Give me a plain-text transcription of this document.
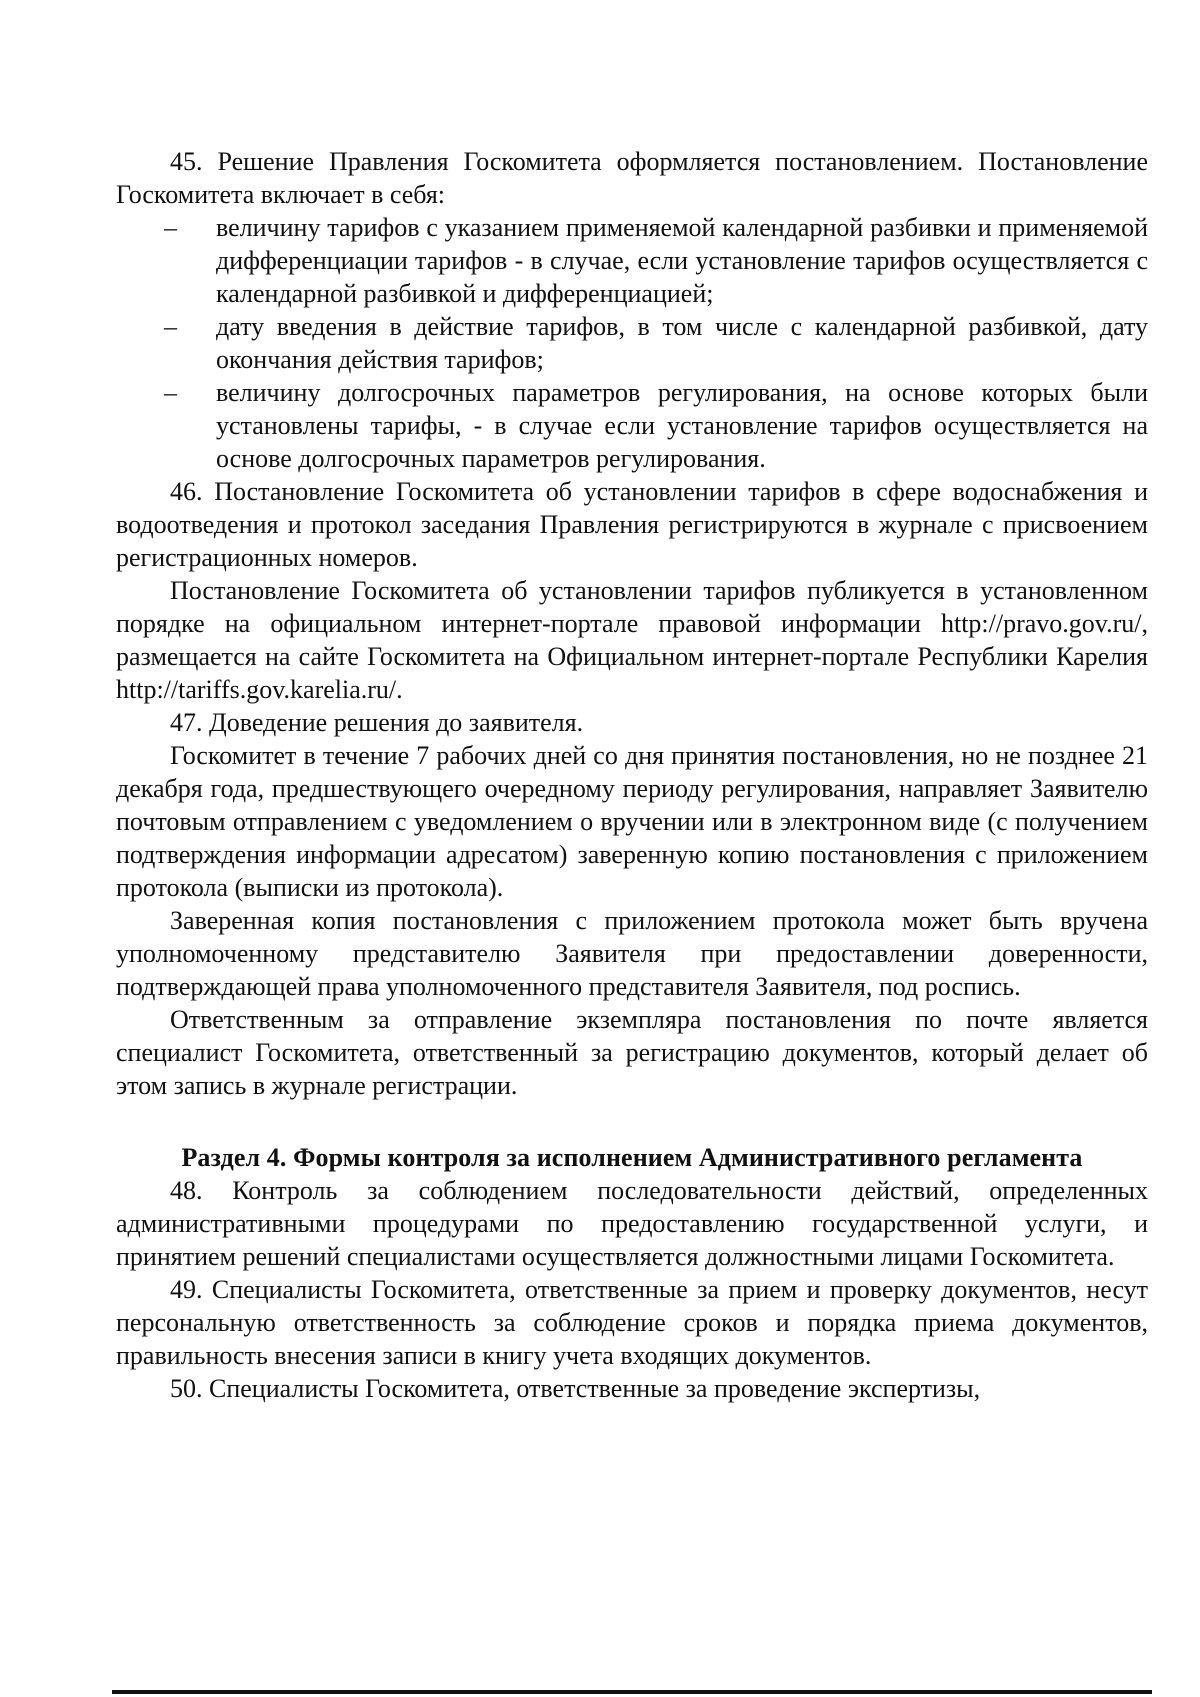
45. Решение Правления Госкомитета оформляется постановлением. Постановление Госкомитета включает в себя:

– величину тарифов с указанием применяемой календарной разбивки и применяемой дифференциации тарифов - в случае, если установление тарифов осуществляется с календарной разбивкой и дифференциацией;
– дату введения в действие тарифов, в том числе с календарной разбивкой, дату окончания действия тарифов;
– величину долгосрочных параметров регулирования, на основе которых были установлены тарифы, - в случае если установление тарифов осуществляется на основе долгосрочных параметров регулирования.

46. Постановление Госкомитета об установлении тарифов в сфере водоснабжения и водоотведения и протокол заседания Правления регистрируются в журнале с присвоением регистрационных номеров.

Постановление Госкомитета об установлении тарифов публикуется в установленном порядке на официальном интернет-портале правовой информации http://pravo.gov.ru/, размещается на сайте Госкомитета на Официальном интернет-портале Республики Карелия http://tariffs.gov.karelia.ru/.

47. Доведение решения до заявителя.

Госкомитет в течение 7 рабочих дней со дня принятия постановления, но не позднее 21 декабря года, предшествующего очередному периоду регулирования, направляет Заявителю почтовым отправлением с уведомлением о вручении или в электронном виде (с получением подтверждения информации адресатом) заверенную копию постановления с приложением протокола (выписки из протокола).

Заверенная копия постановления с приложением протокола может быть вручена уполномоченному представителю Заявителя при предоставлении доверенности, подтверждающей права уполномоченного представителя Заявителя, под роспись.

Ответственным за отправление экземпляра постановления по почте является специалист Госкомитета, ответственный за регистрацию документов, который делает об этом запись в журнале регистрации.

Раздел 4. Формы контроля за исполнением Административного регламента

48. Контроль за соблюдением последовательности действий, определенных административными процедурами по предоставлению государственной услуги, и принятием решений специалистами осуществляется должностными лицами Госкомитета.

49. Специалисты Госкомитета, ответственные за прием и проверку документов, несут персональную ответственность за соблюдение сроков и порядка приема документов, правильность внесения записи в книгу учета входящих документов.

50. Специалисты Госкомитета, ответственные за проведение экспертизы,
